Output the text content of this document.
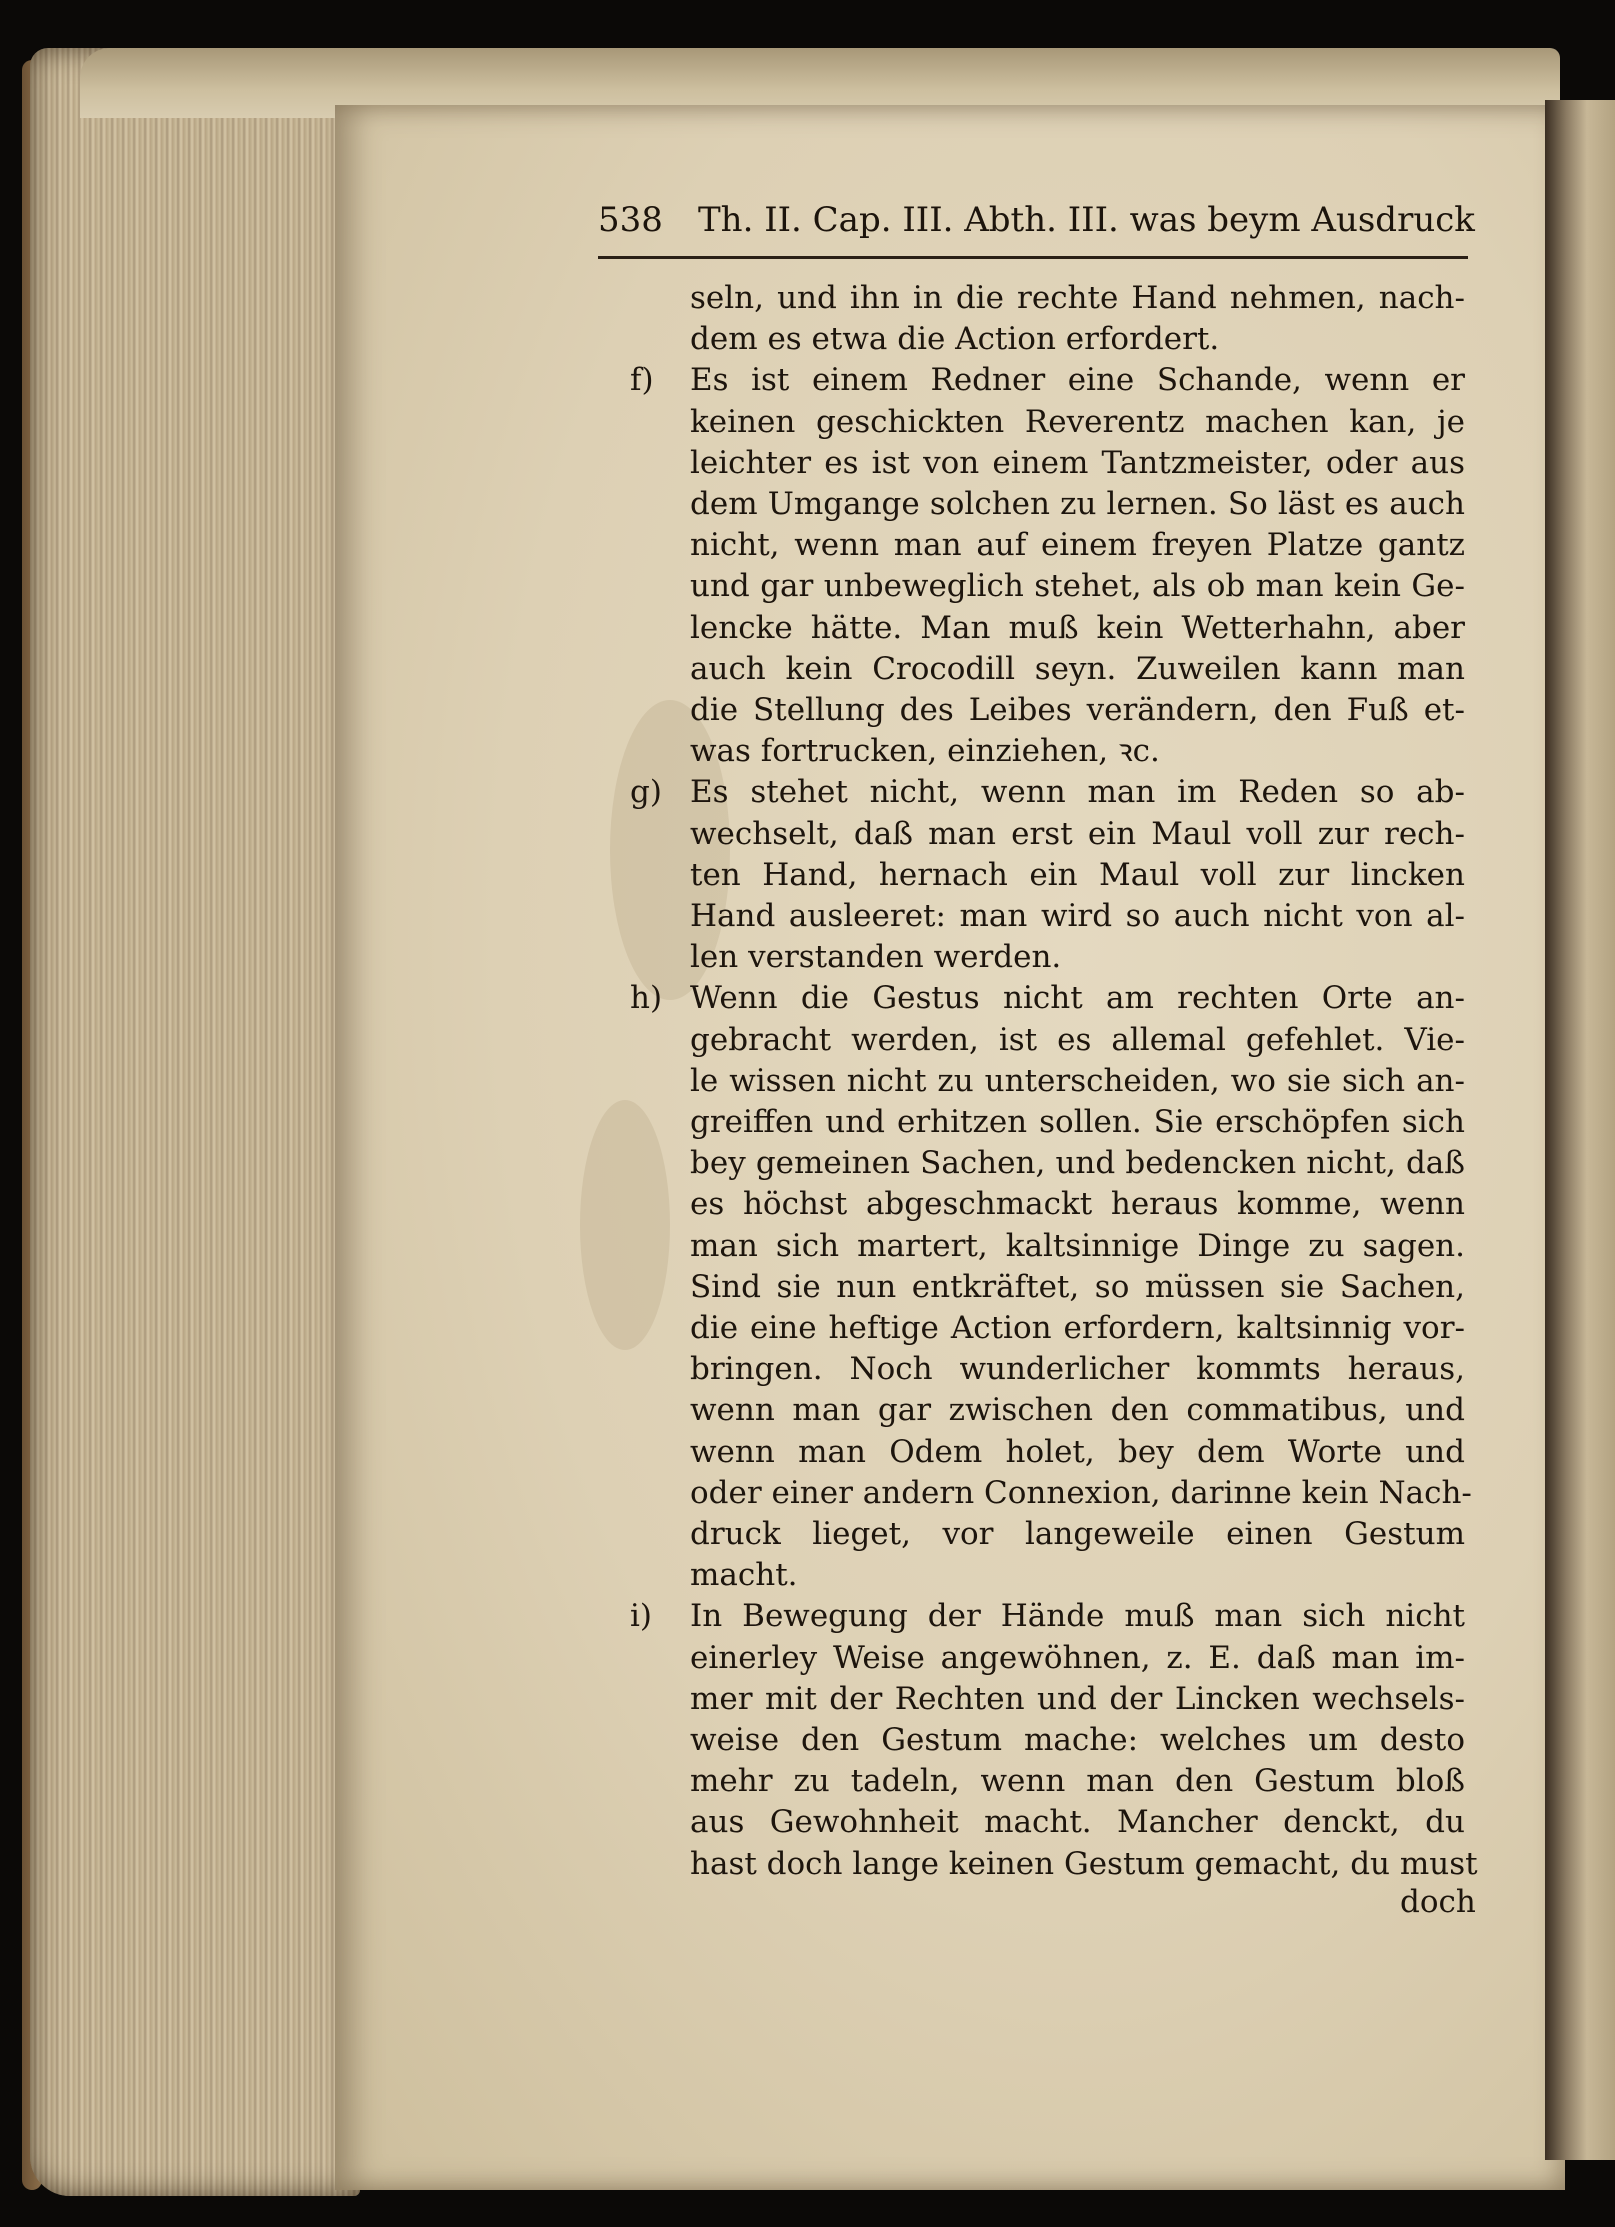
538 Th. II. Cap. III. Abth. III. was beym Ausdruck
seln, und ihn in die rechte Hand nehmen, nach-
dem es etwa die Action erfordert.
f) Es ist einem Redner eine Schande, wenn er
keinen geschickten Reverentz machen kan, je
leichter es ist von einem Tantzmeister, oder aus
dem Umgange solchen zu lernen. So läst es auch
nicht, wenn man auf einem freyen Platze gantz
und gar unbeweglich stehet, als ob man kein Ge-
lencke hätte. Man muß kein Wetterhahn, aber
auch kein Crocodill seyn. Zuweilen kann man
die Stellung des Leibes verändern, den Fuß et-
was fortrucken, einziehen, ꝛc.
g) Es stehet nicht, wenn man im Reden so ab-
wechselt, daß man erst ein Maul voll zur rech-
ten Hand, hernach ein Maul voll zur lincken
Hand ausleeret: man wird so auch nicht von al-
len verstanden werden.
h) Wenn die Gestus nicht am rechten Orte an-
gebracht werden, ist es allemal gefehlet. Vie-
le wissen nicht zu unterscheiden, wo sie sich an-
greiffen und erhitzen sollen. Sie erschöpfen sich
bey gemeinen Sachen, und bedencken nicht, daß
es höchst abgeschmackt heraus komme, wenn
man sich martert, kaltsinnige Dinge zu sagen.
Sind sie nun entkräftet, so müssen sie Sachen,
die eine heftige Action erfordern, kaltsinnig vor-
bringen. Noch wunderlicher kommts heraus,
wenn man gar zwischen den commatibus, und
wenn man Odem holet, bey dem Worte und
oder einer andern Connexion, darinne kein Nach-
druck lieget, vor langeweile einen Gestum
macht.
i) In Bewegung der Hände muß man sich nicht
einerley Weise angewöhnen, z. E. daß man im-
mer mit der Rechten und der Lincken wechsels-
weise den Gestum mache: welches um desto
mehr zu tadeln, wenn man den Gestum bloß
aus Gewohnheit macht. Mancher denckt, du
hast doch lange keinen Gestum gemacht, du must
doch
